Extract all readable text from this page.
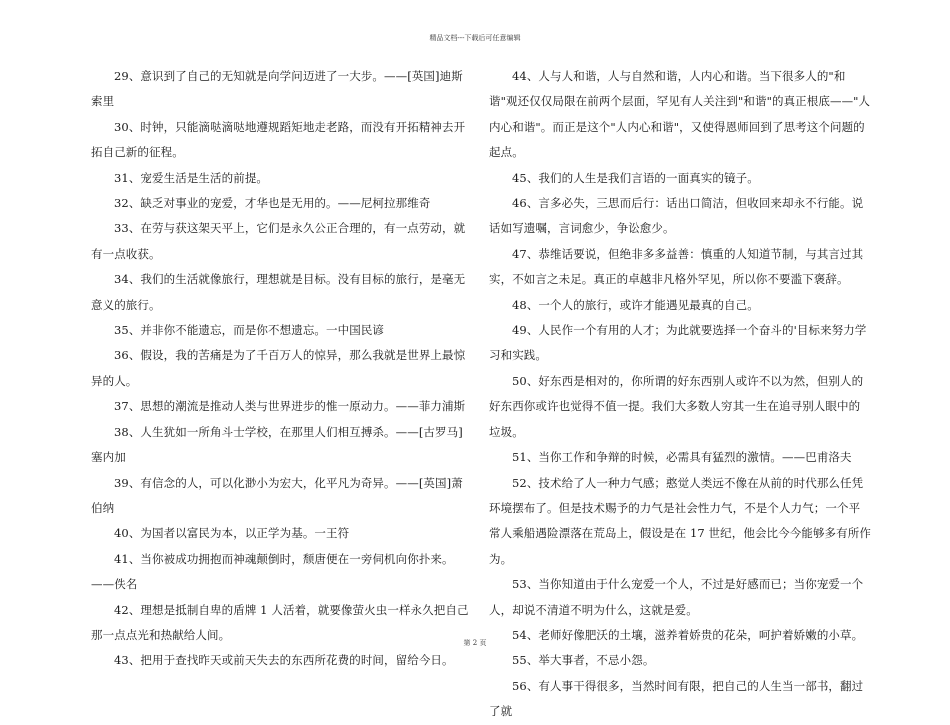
精品文档---下载后可任意编辑

29、意识到了自己的无知就是向学问迈进了一大步。——[英国]迪斯索里

30、时钟，只能滴哒滴哒地遵规蹈矩地走老路，而没有开拓精神去开拓自己新的征程。

31、宠爱生活是生活的前提。

32、缺乏对事业的宠爱，才华也是无用的。——尼柯拉那维奇

33、在劳与获这架天平上，它们是永久公正合理的，有一点劳动，就有一点收获。

34、我们的生活就像旅行，理想就是目标。没有目标的旅行，是毫无意义的旅行。

35、并非你不能遗忘，而是你不想遗忘。一中国民谚

36、假设，我的苦痛是为了千百万人的惊异，那么我就是世界上最惊异的人。

37、思想的潮流是推动人类与世界进步的惟一原动力。——菲力浦斯

38、人生犹如一所角斗士学校，在那里人们相互搏杀。——[古罗马]塞内加

39、有信念的人，可以化渺小为宏大，化平凡为奇异。——[英国]萧伯纳

40、为国者以富民为本，以正学为基。一王符

41、当你被成功拥抱而神魂颠倒时，颓唐便在一旁伺机向你扑来。——佚名

42、理想是抵制自卑的盾牌 1 人活着，就要像萤火虫一样永久把自己那一点点光和热献给人间。

43、把用于查找昨天或前天失去的东西所花费的时间，留给今日。

44、人与人和谐，人与自然和谐，人内心和谐。当下很多人的"和谐"观还仅仅局限在前两个层面，罕见有人关注到"和谐"的真正根底——"人内心和谐"。而正是这个"人内心和谐"，又使得恩师回到了思考这个问题的起点。

45、我们的人生是我们言语的一面真实的镜子。

46、言多必失，三思而后行：话出口简洁，但收回来却永不行能。说话如写遗嘱，言词愈少，争讼愈少。

47、恭维话要说，但绝非多多益善：慎重的人知道节制，与其言过其实，不如言之未足。真正的卓越非凡格外罕见，所以你不要滥下褒辞。

48、一个人的旅行，或许才能遇见最真的自己。

49、人民作一个有用的人才；为此就要选择一个奋斗的'目标来努力学习和实践。

50、好东西是相对的，你所谓的好东西别人或许不以为然，但别人的好东西你或许也觉得不值一提。我们大多数人穷其一生在追寻别人眼中的垃圾。

51、当你工作和争辩的时候，必需具有猛烈的激情。——巴甫洛夫

52、技术给了人一种力气感；憨觉人类远不像在从前的时代那么任凭环境摆布了。但是技术赐予的力气是社会性力气，不是个人力气；一个平常人乘船遇险漂落在荒岛上，假设是在 17 世纪，他会比今今能够多有所作为。

53、当你知道由于什么宠爱一个人，不过是好感而已；当你宠爱一个人，却说不清道不明为什么，这就是爱。

54、老师好像肥沃的土壤，滋养着娇贵的花朵，呵护着娇嫩的小草。

55、举大事者，不忌小怨。

56、有人事干得很多，当然时间有限，把自己的人生当一部书，翻过了就

第 2 页
